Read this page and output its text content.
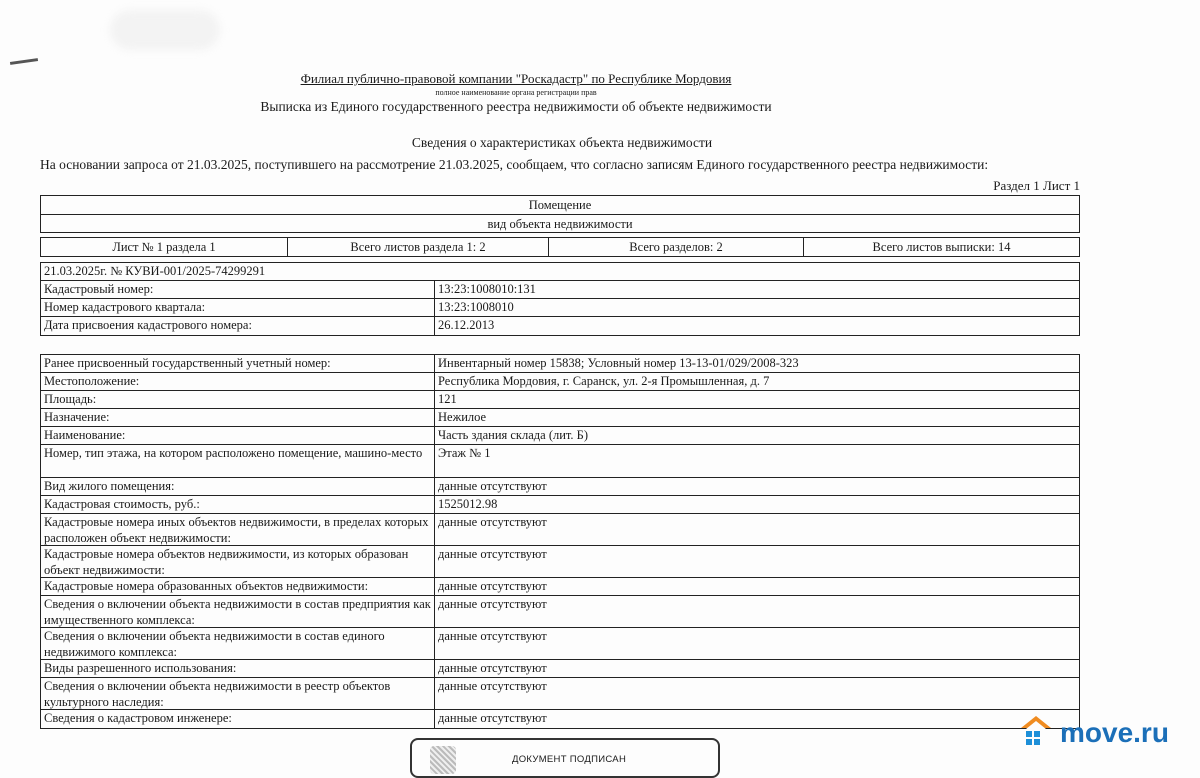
Филиал публично-правовой компании "Роскадастр" по Республике Мордовия
полное наименование органа регистрации прав
Выписка из Единого государственного реестра недвижимости об объекте недвижимости
Сведения о характеристиках объекта недвижимости
На основании запроса от 21.03.2025, поступившего на рассмотрение 21.03.2025, сообщаем, что согласно записям Единого государственного реестра недвижимости:
Раздел 1 Лист 1
Помещение
вид объекта недвижимости
Лист № 1 раздела 1	Всего листов раздела 1: 2	Всего разделов: 2	Всего листов выписки: 14
21.03.2025г. № КУВИ-001/2025-74299291
Кадастровый номер:	13:23:1008010:131
Номер кадастрового квартала:	13:23:1008010
Дата присвоения кадастрового номера:	26.12.2013
Ранее присвоенный государственный учетный номер:	Инвентарный номер 15838; Условный номер 13-13-01/029/2008-323
Местоположение:	Республика Мордовия, г. Саранск, ул. 2-я Промышленная, д. 7
Площадь:	121
Назначение:	Нежилое
Наименование:	Часть здания склада (лит. Б)
Номер, тип этажа, на котором расположено помещение, машино-место	Этаж № 1
Вид жилого помещения:	данные отсутствуют
Кадастровая стоимость, руб.:	1525012.98
Кадастровые номера иных объектов недвижимости, в пределах которых расположен объект недвижимости:
данные отсутствуют
Кадастровые номера объектов недвижимости, из которых образован объект недвижимости:
данные отсутствуют
Кадастровые номера образованных объектов недвижимости:	данные отсутствуют
Сведения о включении объекта недвижимости в состав предприятия как имущественного комплекса:
данные отсутствуют
Сведения о включении объекта недвижимости в состав единого недвижимого комплекса:
данные отсутствуют
Виды разрешенного использования:	данные отсутствуют
Сведения о включении объекта недвижимости в реестр объектов культурного наследия:
данные отсутствуют
Сведения о кадастровом инженере:	данные отсутствуют
ДОКУМЕНТ ПОДПИСАН
move.ru
